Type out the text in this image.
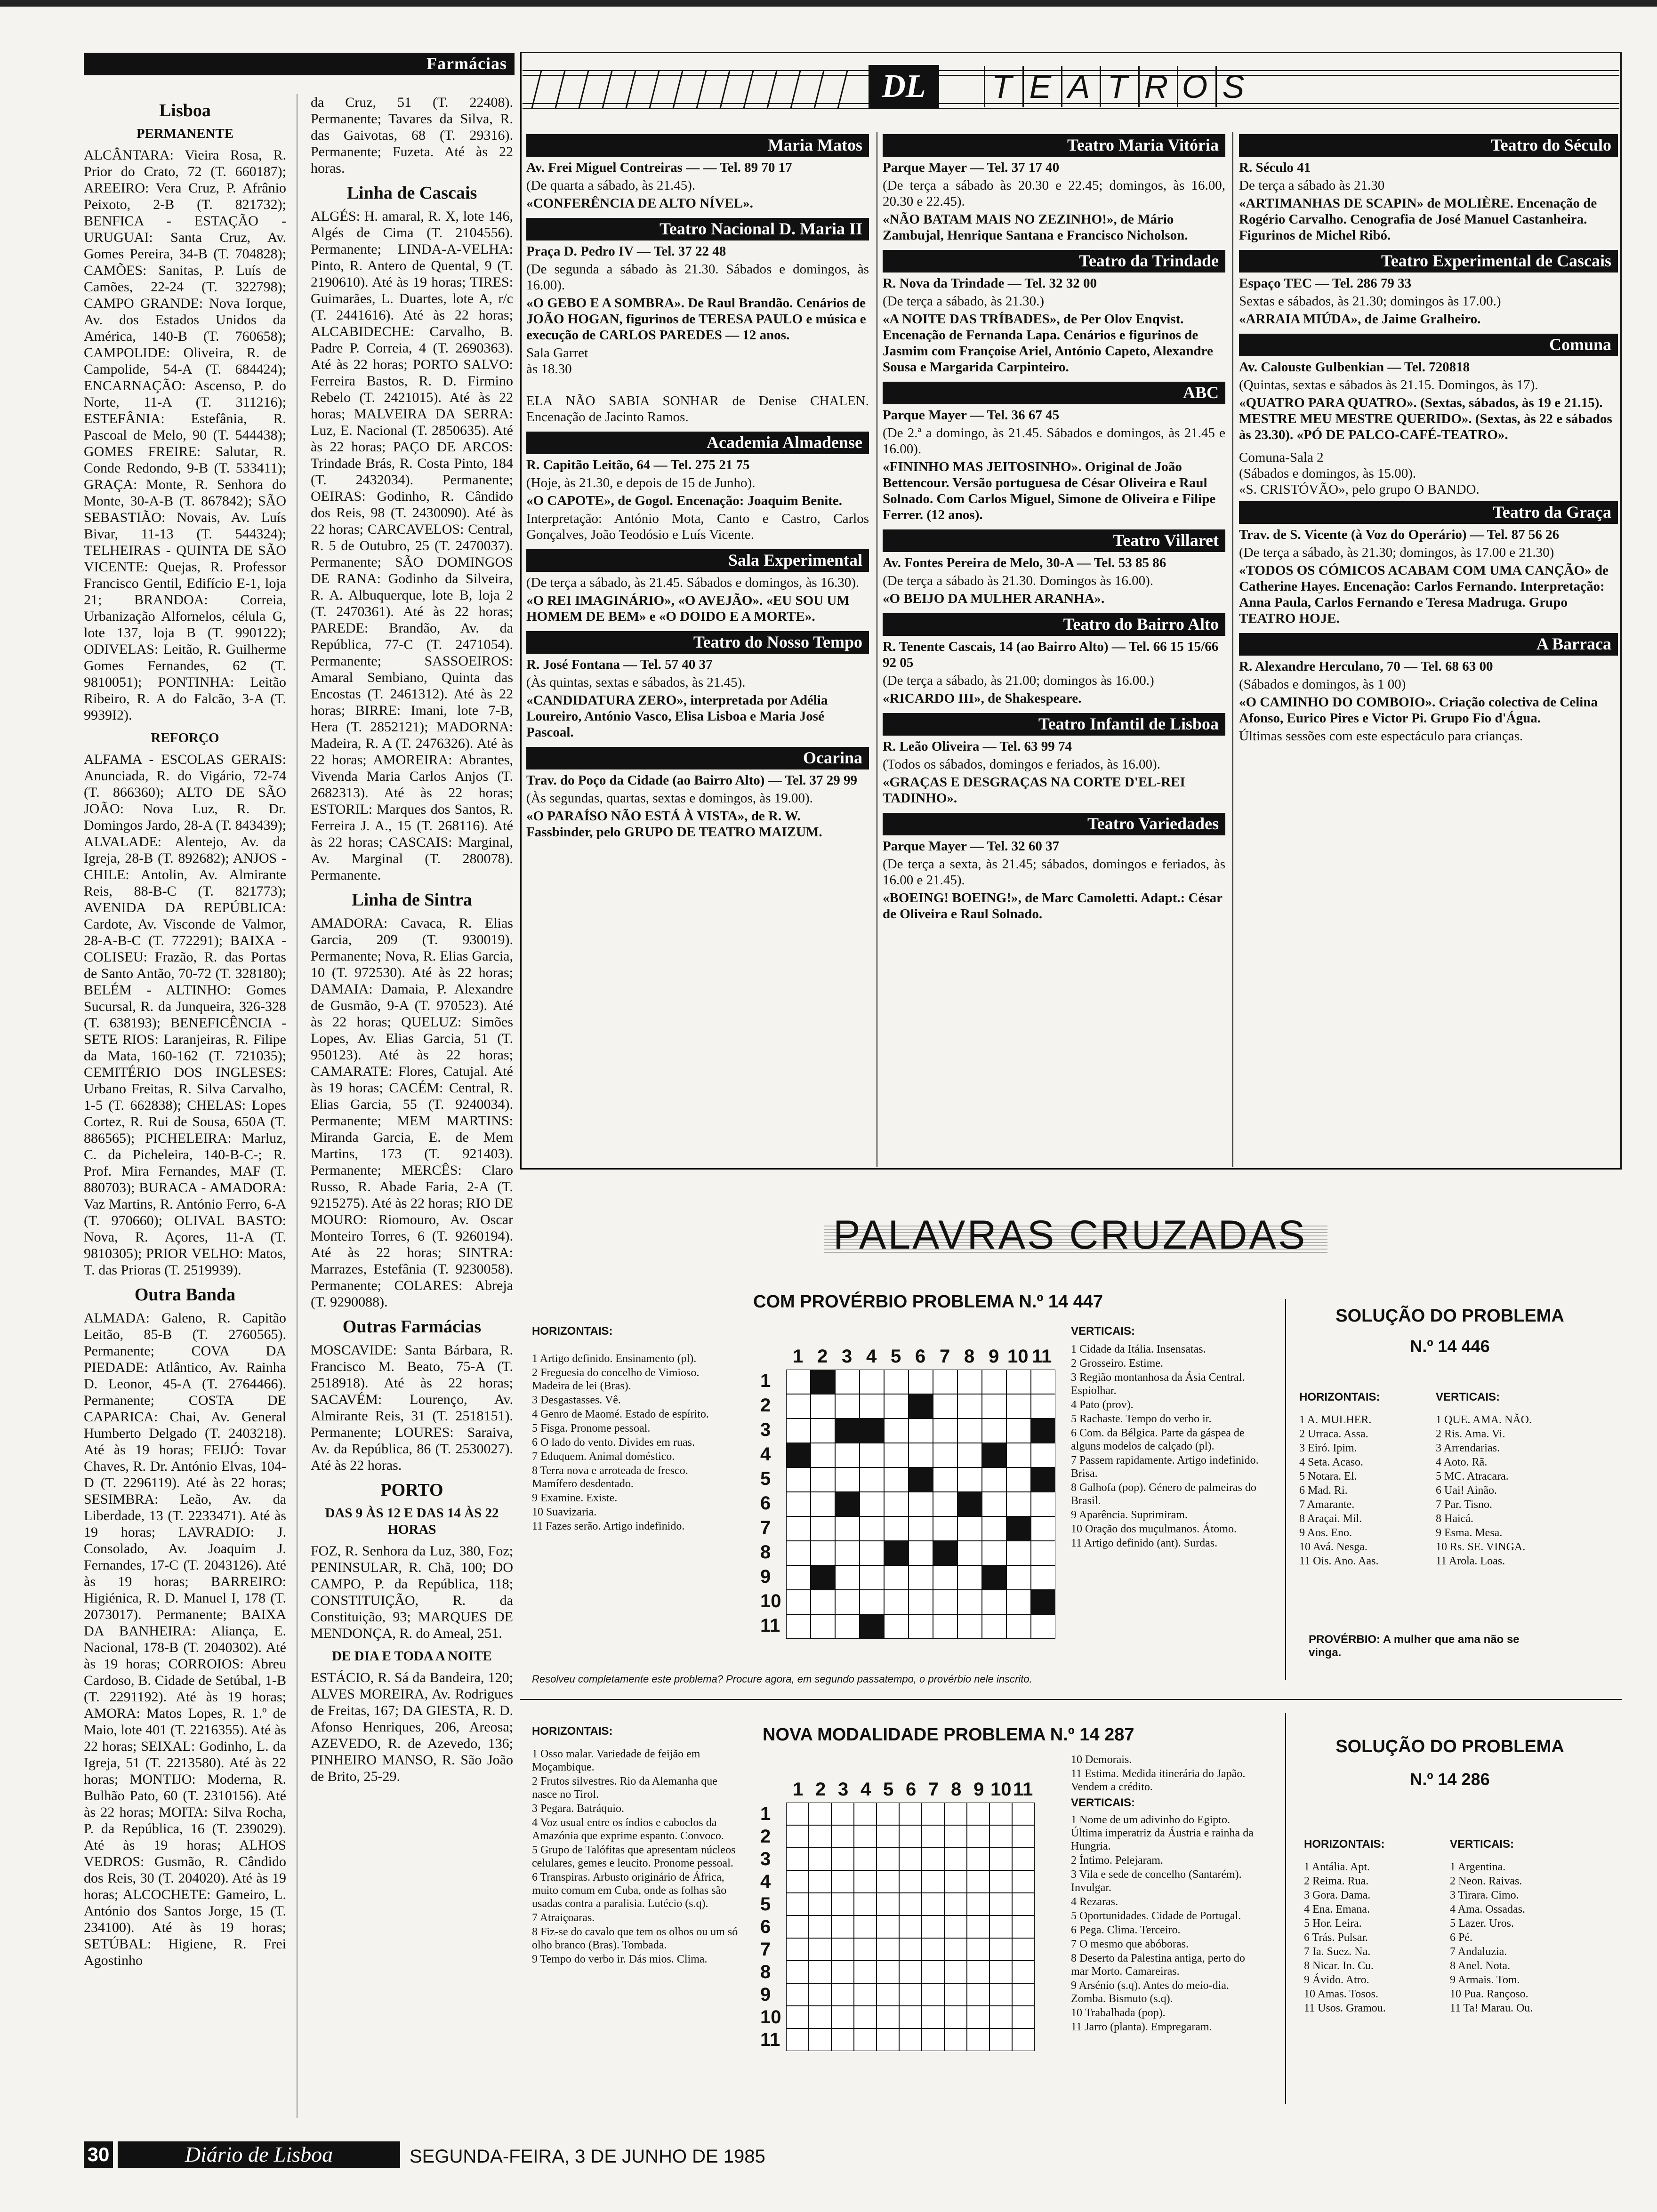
Farmácias
Lisboa
PERMANENTE

ALCÂNTARA: Vieira Rosa, R. Prior do Crato, 72 (T. 660187); AREEIRO: Vera Cruz, P. Afrânio Peixoto, 2-B (T. 821732); BENFICA - ESTAÇÃO - URUGUAI: Santa Cruz, Av. Gomes Pereira, 34-B (T. 704828); CAMÕES: Sanitas, P. Luís de Camões, 22-24 (T. 322798); CAMPO GRANDE: Nova Iorque, Av. dos Estados Unidos da América, 140-B (T. 760658); CAMPOLIDE: Oliveira, R. de Campolide, 54-A (T. 684424); ENCARNAÇÃO: Ascenso, P. do Norte, 11-A (T. 311216); ESTEFÂNIA: Estefânia, R. Pascoal de Melo, 90 (T. 544438); GOMES FREIRE: Salutar, R. Conde Redondo, 9-B (T. 533411); GRAÇA: Monte, R. Senhora do Monte, 30-A-B (T. 867842); SÃO SEBASTIÃO: Novais, Av. Luís Bivar, 11-13 (T. 544324); TELHEIRAS - QUINTA DE SÃO VICENTE: Quejas, R. Professor Francisco Gentil, Edifício E-1, loja 21; BRANDOA: Correia, Urbanização Alfornelos, célula G, lote 137, loja B (T. 990122); ODIVELAS: Leitão, R. Guilherme Gomes Fernandes, 62 (T. 9810051); PONTINHA: Leitão Ribeiro, R. A do Falcão, 3-A (T. 9939I2).

REFORÇO

ALFAMA - ESCOLAS GERAIS: Anunciada, R. do Vigário, 72-74 (T. 866360); ALTO DE SÃO JOÃO: Nova Luz, R. Dr. Domingos Jardo, 28-A (T. 843439); ALVALADE: Alentejo, Av. da Igreja, 28-B (T. 892682); ANJOS - CHILE: Antolin, Av. Almirante Reis, 88-B-C (T. 821773); AVENIDA DA REPÚBLICA: Cardote, Av. Visconde de Valmor, 28-A-B-C (T. 772291); BAIXA - COLISEU: Frazão, R. das Portas de Santo Antão, 70-72 (T. 328180); BELÉM - ALTINHO: Gomes Sucursal, R. da Junqueira, 326-328 (T. 638193); BENEFICÊNCIA - SETE RIOS: Laranjeiras, R. Filipe da Mata, 160-162 (T. 721035); CEMITÉRIO DOS INGLESES: Urbano Freitas, R. Silva Carvalho, 1-5 (T. 662838); CHELAS: Lopes Cortez, R. Rui de Sousa, 650A (T. 886565); PICHELEIRA: Marluz, C. da Picheleira, 140-B-C-; R. Prof. Mira Fernandes, MAF (T. 880703); BURACA - AMADORA: Vaz Martins, R. António Ferro, 6-A (T. 970660); OLIVAL BASTO: Nova, R. Açores, 11-A (T. 9810305); PRIOR VELHO: Matos, T. das Prioras (T. 2519939).

Outra Banda

ALMADA: Galeno, R. Capitão Leitão, 85-B (T. 2760565). Permanente; COVA DA PIEDADE: Atlântico, Av. Rainha D. Leonor, 45-A (T. 2764466). Permanente; COSTA DE CAPARICA: Chai, Av. General Humberto Delgado (T. 2403218). Até às 19 horas; FEIJÓ: Tovar Chaves, R. Dr. António Elvas, 104-D (T. 2296119). Até às 22 horas; SESIMBRA: Leão, Av. da Liberdade, 13 (T. 2233471). Até às 19 horas; LAVRADIO: J. Consolado, Av. Joaquim J. Fernandes, 17-C (T. 2043126). Até às 19 horas; BARREIRO: Higiénica, R. D. Manuel I, 178 (T. 2073017). Permanente; BAIXA DA BANHEIRA: Aliança, E. Nacional, 178-B (T. 2040302). Até às 19 horas; CORROIOS: Abreu Cardoso, B. Cidade de Setúbal, 1-B (T. 2291192). Até às 19 horas; AMORA: Matos Lopes, R. 1.º de Maio, lote 401 (T. 2216355). Até às 22 horas; SEIXAL: Godinho, L. da Igreja, 51 (T. 2213580). Até às 22 horas; MONTIJO: Moderna, R. Bulhão Pato, 60 (T. 2310156). Até às 22 horas; MOITA: Silva Rocha, P. da República, 16 (T. 239029). Até às 19 horas; ALHOS VEDROS: Gusmão, R. Cândido dos Reis, 30 (T. 204020). Até às 19 horas; ALCOCHETE: Gameiro, L. António dos Santos Jorge, 15 (T. 234100). Até às 19 horas; SETÚBAL: Higiene, R. Frei Agostinho

da Cruz, 51 (T. 22408). Permanente; Tavares da Silva, R. das Gaivotas, 68 (T. 29316). Permanente; Fuzeta. Até às 22 horas.

Linha de Cascais

ALGÉS: H. amaral, R. X, lote 146, Algés de Cima (T. 2104556). Permanente; LINDA-A-VELHA: Pinto, R. Antero de Quental, 9 (T. 2190610). Até às 19 horas; TIRES: Guimarães, L. Duartes, lote A, r/c (T. 2441616). Até às 22 horas; ALCABIDECHE: Carvalho, B. Padre P. Correia, 4 (T. 2690363). Até às 22 horas; PORTO SALVO: Ferreira Bastos, R. D. Firmino Rebelo (T. 2421015). Até às 22 horas; MALVEIRA DA SERRA: Luz, E. Nacional (T. 2850635). Até às 22 horas; PAÇO DE ARCOS: Trindade Brás, R. Costa Pinto, 184 (T. 2432034). Permanente; OEIRAS: Godinho, R. Cândido dos Reis, 98 (T. 2430090). Até às 22 horas; CARCAVELOS: Central, R. 5 de Outubro, 25 (T. 2470037). Permanente; SÃO DOMINGOS DE RANA: Godinho da Silveira, R. A. Albuquerque, lote B, loja 2 (T. 2470361). Até às 22 horas; PAREDE: Brandão, Av. da República, 77-C (T. 2471054). Permanente; SASSOEIROS: Amaral Sembiano, Quinta das Encostas (T. 2461312). Até às 22 horas; BIRRE: Imani, lote 7-B, Hera (T. 2852121); MADORNA: Madeira, R. A (T. 2476326). Até às 22 horas; AMOREIRA: Abrantes, Vivenda Maria Carlos Anjos (T. 2682313). Até às 22 horas; ESTORIL: Marques dos Santos, R. Ferreira J. A., 15 (T. 268116). Até às 22 horas; CASCAIS: Marginal, Av. Marginal (T. 280078). Permanente.

Linha de Sintra

AMADORA: Cavaca, R. Elias Garcia, 209 (T. 930019). Permanente; Nova, R. Elias Garcia, 10 (T. 972530). Até às 22 horas; DAMAIA: Damaia, P. Alexandre de Gusmão, 9-A (T. 970523). Até às 22 horas; QUELUZ: Simões Lopes, Av. Elias Garcia, 51 (T. 950123). Até às 22 horas; CAMARATE: Flores, Catujal. Até às 19 horas; CACÉM: Central, R. Elias Garcia, 55 (T. 9240034). Permanente; MEM MARTINS: Miranda Garcia, E. de Mem Martins, 173 (T. 921403). Permanente; MERCÊS: Claro Russo, R. Abade Faria, 2-A (T. 9215275). Até às 22 horas; RIO DE MOURO: Riomouro, Av. Oscar Monteiro Torres, 6 (T. 9260194). Até às 22 horas; SINTRA: Marrazes, Estefânia (T. 9230058). Permanente; COLARES: Abreja (T. 9290088).

Outras Farmácias

MOSCAVIDE: Santa Bárbara, R. Francisco M. Beato, 75-A (T. 2518918). Até às 22 horas; SACAVÉM: Lourenço, Av. Almirante Reis, 31 (T. 2518151). Permanente; LOURES: Saraiva, Av. da República, 86 (T. 2530027). Até às 22 horas.

PORTO
DAS 9 ÀS 12 E DAS 14 ÀS 22 HORAS

FOZ, R. Senhora da Luz, 380, Foz; PENINSULAR, R. Chã, 100; DO CAMPO, P. da República, 118; CONSTITUIÇÃO, R. da Constituição, 93; MARQUES DE MENDONÇA, R. do Ameal, 251.

DE DIA E TODA A NOITE

ESTÁCIO, R. Sá da Bandeira, 120; ALVES MOREIRA, Av. Rodrigues de Freitas, 167; DA GIESTA, R. D. Afonso Henriques, 206, Areosa; AZEVEDO, R. de Azevedo, 136; PINHEIRO MANSO, R. São João de Brito, 25-29.

DL	T E A T R O S
Maria Matos
Av. Frei Miguel Contreiras — — Tel. 89 70 17
(De quarta a sábado, às 21.45).
«CONFERÊNCIA DE ALTO NÍVEL».
Teatro Nacional D. Maria II
Praça D. Pedro IV — Tel. 37 22 48
(De segunda a sábado às 21.30. Sábados e domingos, às 16.00).
«O GEBO E A SOMBRA». De Raul Brandão. Cenários de JOÃO HOGAN, figurinos de TERESA PAULO e música e execução de CARLOS PAREDES — 12 anos.
Sala Garret
às 18.30

ELA NÃO SABIA SONHAR de Denise CHALEN. Encenação de Jacinto Ramos.
Academia Almadense
R. Capitão Leitão, 64 — Tel. 275 21 75
(Hoje, às 21.30, e depois de 15 de Junho).
«O CAPOTE», de Gogol. Encenação: Joaquim Benite.
Interpretação: António Mota, Canto e Castro, Carlos Gonçalves, João Teodósio e Luís Vicente.
Sala Experimental
(De terça a sábado, às 21.45. Sábados e domingos, às 16.30).
«O REI IMAGINÁRIO», «O AVEJÃO». «EU SOU UM HOMEM DE BEM» e «O DOIDO E A MORTE».
Teatro do Nosso Tempo
R. José Fontana — Tel. 57 40 37
(Às quintas, sextas e sábados, às 21.45).
«CANDIDATURA ZERO», interpretada por Adélia Loureiro, António Vasco, Elisa Lisboa e Maria José Pascoal.
Ocarina
Trav. do Poço da Cidade (ao Bairro Alto) — Tel. 37 29 99
(Às segundas, quartas, sextas e domingos, às 19.00).
«O PARAÍSO NÃO ESTÁ À VISTA», de R. W. Fassbinder, pelo GRUPO DE TEATRO MAIZUM.
Teatro Maria Vitória
Parque Mayer — Tel. 37 17 40
(De terça a sábado às 20.30 e 22.45; domingos, às 16.00, 20.30 e 22.45).
«NÃO BATAM MAIS NO ZEZINHO!», de Mário Zambujal, Henrique Santana e Francisco Nicholson.
Teatro da Trindade
R. Nova da Trindade — Tel. 32 32 00
(De terça a sábado, às 21.30.)
«A NOITE DAS TRÍBADES», de Per Olov Enqvist. Encenação de Fernanda Lapa. Cenários e figurinos de Jasmim com Françoise Ariel, António Capeto, Alexandre Sousa e Margarida Carpinteiro.
ABC
Parque Mayer — Tel. 36 67 45
(De 2.ª a domingo, às 21.45. Sábados e domingos, às 21.45 e 16.00).
«FININHO MAS JEITOSINHO». Original de João Bettencour. Versão portuguesa de César Oliveira e Raul Solnado. Com Carlos Miguel, Simone de Oliveira e Filipe Ferrer. (12 anos).
Teatro Villaret
Av. Fontes Pereira de Melo, 30-A — Tel. 53 85 86
(De terça a sábado às 21.30. Domingos às 16.00).
«O BEIJO DA MULHER ARANHA».
Teatro do Bairro Alto
R. Tenente Cascais, 14 (ao Bairro Alto) — Tel. 66 15 15/66 92 05
(De terça a sábado, às 21.00; domingos às 16.00.)
«RICARDO III», de Shakespeare.
Teatro Infantil de Lisboa
R. Leão Oliveira — Tel. 63 99 74
(Todos os sábados, domingos e feriados, às 16.00).
«GRAÇAS E DESGRAÇAS NA CORTE D'EL-REI TADINHO».
Teatro Variedades
Parque Mayer — Tel. 32 60 37
(De terça a sexta, às 21.45; sábados, domingos e feriados, às 16.00 e 21.45).
«BOEING! BOEING!», de Marc Camoletti. Adapt.: César de Oliveira e Raul Solnado.
Teatro do Século
R. Século 41
De terça a sábado às 21.30
«ARTIMANHAS DE SCAPIN» de MOLIÈRE. Encenação de Rogério Carvalho. Cenografia de José Manuel Castanheira. Figurinos de Michel Ribó.
Teatro Experimental de Cascais
Espaço TEC — Tel. 286 79 33
Sextas e sábados, às 21.30; domingos às 17.00.)
«ARRAIA MIÚDA», de Jaime Gralheiro.
Comuna
Av. Calouste Gulbenkian — Tel. 720818
(Quintas, sextas e sábados às 21.15. Domingos, às 17).
«QUATRO PARA QUATRO». (Sextas, sábados, às 19 e 21.15). MESTRE MEU MESTRE QUERIDO». (Sextas, às 22 e sábados às 23.30). «PÓ DE PALCO-CAFÉ-TEATRO».
Comuna-Sala 2
(Sábados e domingos, às 15.00).
«S. CRISTÓVÃO», pelo grupo O BANDO.
Teatro da Graça
Trav. de S. Vicente (à Voz do Operário) — Tel. 87 56 26
(De terça a sábado, às 21.30; domingos, às 17.00 e 21.30)
«TODOS OS CÓMICOS ACABAM COM UMA CANÇÃO» de Catherine Hayes. Encenação: Carlos Fernando. Interpretação: Anna Paula, Carlos Fernando e Teresa Madruga. Grupo TEATRO HOJE.
A Barraca
R. Alexandre Herculano, 70 — Tel. 68 63 00
(Sábados e domingos, às 1 00)
«O CAMINHO DO COMBOIO». Criação colectiva de Celina Afonso, Eurico Pires e Victor Pi. Grupo Fio d'Água.
Últimas sessões com este espectáculo para crianças.
PALAVRAS CRUZADAS
COM PROVÉRBIO PROBLEMA N.º 14 447
HORIZONTAIS:
1 Artigo definido. Ensinamento (pl).
2 Freguesia do concelho de Vimioso. Madeira de lei (Bras).
3 Desgastasses. Vê.
4 Genro de Maomé. Estado de espírito.
5 Fisga. Pronome pessoal.
6 O lado do vento. Divides em ruas.
7 Eduquem. Animal doméstico.
8 Terra nova e arroteada de fresco. Mamífero desdentado.
9 Examine. Existe.
10 Suavizaria.
11 Fazes serão. Artigo indefinido.
VERTICAIS:
1 Cidade da Itália. Insensatas.
2 Grosseiro. Estime.
3 Região montanhosa da Ásia Central. Espiolhar.
4 Pato (prov).
5 Rachaste. Tempo do verbo ir.
6 Com. da Bélgica. Parte da gáspea de alguns modelos de calçado (pl).
7 Passem rapidamente. Artigo indefinido. Brisa.
8 Galhofa (pop). Género de palmeiras do Brasil.
9 Aparência. Suprimiram.
10 Oração dos muçulmanos. Átomo.
11 Artigo definido (ant). Surdas.
1
1
2
2
3
3
4
4
5
5
6
6
7
7
8
8
9
9
10
10
11
11
Resolveu completamente este problema? Procure agora, em segundo passatempo, o provérbio nele inscrito.
SOLUÇÃO DO PROBLEMA
N.º 14 446
HORIZONTAIS:
1 A. MULHER.
2 Urraca. Assa.
3 Eiró. Ipim.
4 Seta. Acaso.
5 Notara. El.
6 Mad. Ri.
7 Amarante.
8 Araçai. Mil.
9 Aos. Eno.
10 Avá. Nesga.
11 Ois. Ano. Aas.
VERTICAIS:
1 QUE. AMA. NÃO.
2 Ris. Ama. Vi.
3 Arrendarias.
4 Aoto. Rã.
5 MC. Atracara.
6 Uai! Ainão.
7 Par. Tisno.
8 Haicá.
9 Esma. Mesa.
10 Rs. SE. VINGA.
11 Arola. Loas.
PROVÉRBIO: A mulher que ama não se vinga.
NOVA MODALIDADE PROBLEMA N.º 14 287
HORIZONTAIS:
1 Osso malar. Variedade de feijão em Moçambique.
2 Frutos silvestres. Rio da Alemanha que nasce no Tirol.
3 Pegara. Batráquio.
4 Voz usual entre os índios e caboclos da Amazónia que exprime espanto. Convoco.
5 Grupo de Talófitas que apresentam núcleos celulares, gemes e leucito. Pronome pessoal.
6 Transpiras. Arbusto originário de África, muito comum em Cuba, onde as folhas são usadas contra a paralisia. Lutécio (s.q).
7 Atraiçoaras.
8 Fiz-se do cavalo que tem os olhos ou um só olho branco (Bras). Tombada.
9 Tempo do verbo ir. Dás mios. Clima.
10 Demorais.
11 Estima. Medida itinerária do Japão. Vendem a crédito.
VERTICAIS:
1 Nome de um adivinho do Egipto. Última imperatriz da Áustria e rainha da Hungria.
2 Íntimo. Pelejaram.
3 Vila e sede de concelho (Santarém). Invulgar.
4 Rezaras.
5 Oportunidades. Cidade de Portugal.
6 Pega. Clima. Terceiro.
7 O mesmo que abóboras.
8 Deserto da Palestina antiga, perto do mar Morto. Camareiras.
9 Arsénio (s.q). Antes do meio-dia. Zomba. Bismuto (s.q).
10 Trabalhada (pop).
11 Jarro (planta). Empregaram.
1
1
2
2
3
3
4
4
5
5
6
6
7
7
8
8
9
9
10
10
11
11
SOLUÇÃO DO PROBLEMA
N.º 14 286
HORIZONTAIS:
1 Antália. Apt.
2 Reima. Rua.
3 Gora. Dama.
4 Ena. Emana.
5 Hor. Leira.
6 Trás. Pulsar.
7 Ia. Suez. Na.
8 Nicar. In. Cu.
9 Ávido. Atro.
10 Amas. Tosos.
11 Usos. Gramou.
VERTICAIS:
1 Argentina.
2 Neon. Raivas.
3 Tirara. Cimo.
4 Ama. Ossadas.
5 Lazer. Uros.
6 Pé.
7 Andaluzia.
8 Anel. Nota.
9 Armais. Tom.
10 Pua. Rançoso.
11 Ta! Marau. Ou.
30	Diário de Lisboa	SEGUNDA-FEIRA, 3 DE JUNHO DE 1985
